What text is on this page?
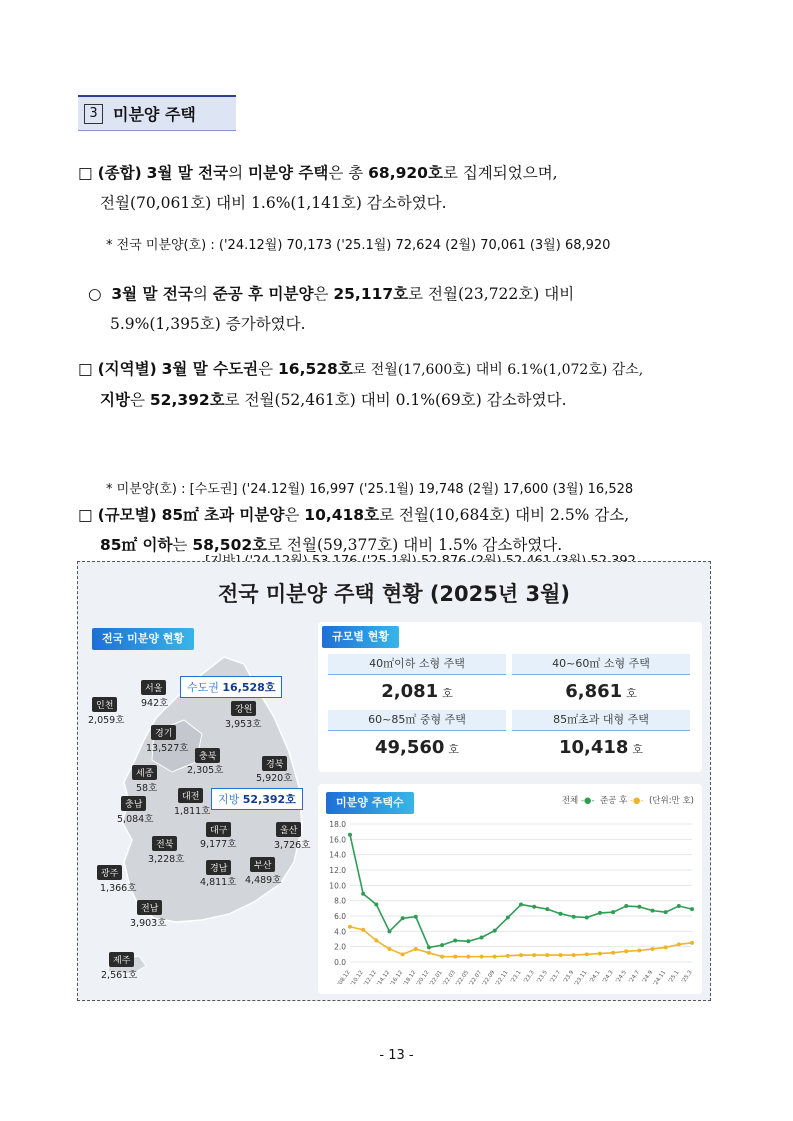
3 미분양 주택
□ (종합) 3월 말 전국의 미분양 주택은 총 68,920호로 집계되었으며,
전월(70,061호) 대비 1.6%(1,141호) 감소하였다.
* 전국 미분양(호) : ('24.12월) 70,173 ('25.1월) 72,624 (2월) 70,061 (3월) 68,920
○ 3월 말 전국의 준공 후 미분양은 25,117호로 전월(23,722호) 대비
5.9%(1,395호) 증가하였다.
□ (지역별) 3월 말 수도권은 16,528호로 전월(17,600호) 대비 6.1%(1,072호) 감소,
지방은 52,392호로 전월(52,461호) 대비 0.1%(69호) 감소하였다.

* 미분양(호) : [수도권] ('24.12월) 16,997 ('25.1월) 19,748 (2월) 17,600 (3월) 16,528

□ (규모별) 85㎡ 초과 미분양은 10,418호로 전월(10,684호) 대비 2.5% 감소,
85㎡ 이하는 58,502호로 전월(59,377호) 대비 1.5% 감소하였다.
전국 미분양 주택 현황 (2025년 3월)
전국 미분양 현황
수도권 16,528호
지방 52,392호
서울
942호
인천
2,059호
경기
13,527호
강원
3,953호
충북
2,305호
세종
58호
경북
5,920호
대전
1,811호
충남
5,084호
대구
9,177호
울산
3,726호
전북
3,228호
경남
4,811호
부산
4,489호
광주
1,366호
전남
3,903호
제주
2,561호
규모별 현황
40㎡이하 소형 주택
2,081 호
40~60㎡ 소형 주택
6,861 호
60~85㎡ 중형 주택
49,560 호
85㎡초과 대형 주택
10,418 호
미분양 주택수	전체 -●- 준공 후 -●- (단위:만 호)
0.0
2.0
4.0
6.0
8.0
10.0
12.0
14.0
16.0
18.0
'08.12
'10.12
'12.12
'14.12
'16.12
'18.12
'20.12
'22.01
'22.03
'22.05
'22.07
'22.09
'22.11 '23.1 '23.3 '23.5 '23.7 '23.9
'23.11 '24.1 '24.3 '24.5 '24.7 '24.9
'24.11 '25.1 '25.3
- 13 -
